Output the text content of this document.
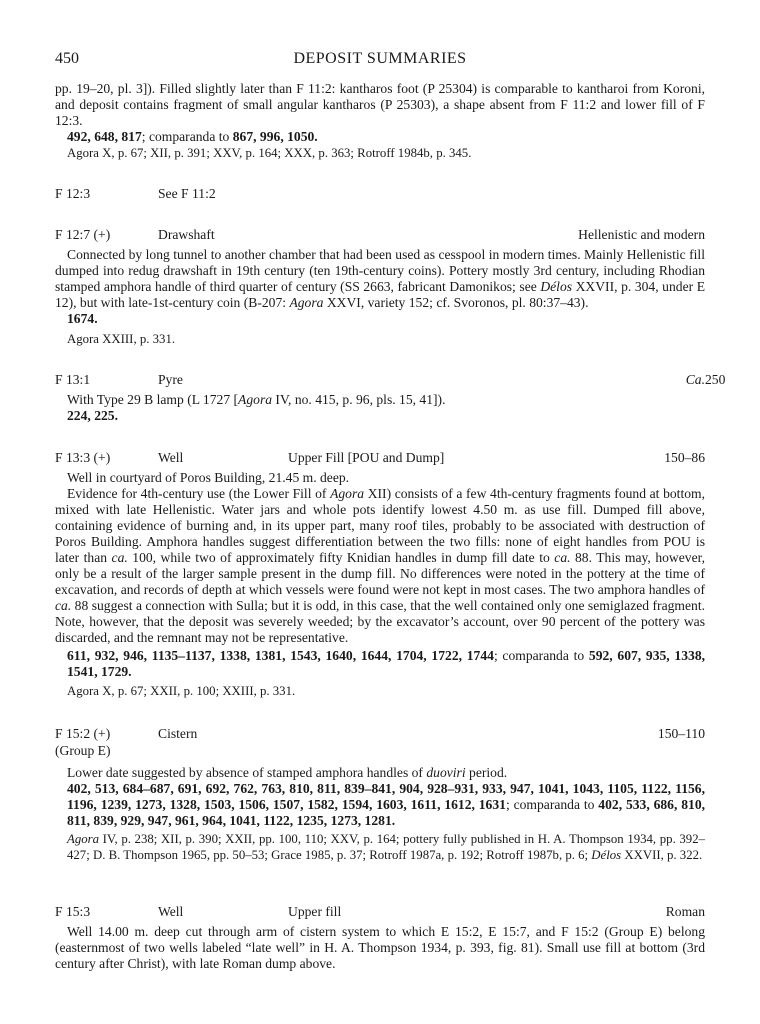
450	DEPOSIT SUMMARIES

pp. 19–20, pl. 3]). Filled slightly later than F 11:2: kantharos foot (P 25304) is comparable to kantharoi from Koroni, and deposit contains fragment of small angular kantharos (P 25303), a shape absent from F 11:2 and lower fill of F 12:3.

492, 648, 817; comparanda to 867, 996, 1050.

Agora X, p. 67; XII, p. 391; XXV, p. 164; XXX, p. 363; Rotroff 1984b, p. 345.

F 12:3	See F 11:2
F 12:7 (+)	Drawshaft	Hellenistic and modern

Connected by long tunnel to another chamber that had been used as cesspool in modern times. Mainly Hellenistic fill dumped into redug drawshaft in 19th century (ten 19th-century coins). Pottery mostly 3rd century, including Rhodian stamped amphora handle of third quarter of century (SS 2663, fabricant Damonikos; see Délos XXVII, p. 304, under E 12), but with late-1st-century coin (B-207: Agora XXVI, variety 152; cf. Svoronos, pl. 80:37–43).

1674.

Agora XXIII, p. 331.

F 13:1	Pyre	Ca. 250

With Type 29 B lamp (L 1727 [Agora IV, no. 415, p. 96, pls. 15, 41]).

224, 225.

F 13:3 (+)	Well	Upper Fill [POU and Dump]	150–86

Well in courtyard of Poros Building, 21.45 m. deep.

Evidence for 4th-century use (the Lower Fill of Agora XII) consists of a few 4th-century fragments found at bottom, mixed with late Hellenistic. Water jars and whole pots identify lowest 4.50 m. as use fill. Dumped fill above, containing evidence of burning and, in its upper part, many roof tiles, probably to be associated with destruction of Poros Building. Amphora handles suggest differentiation between the two fills: none of eight handles from POU is later than ca. 100, while two of approximately fifty Knidian handles in dump fill date to ca. 88. This may, however, only be a result of the larger sample present in the dump fill. No differences were noted in the pottery at the time of excavation, and records of depth at which vessels were found were not kept in most cases. The two amphora handles of ca. 88 suggest a connection with Sulla; but it is odd, in this case, that the well contained only one semiglazed fragment. Note, however, that the deposit was severely weeded; by the excavator’s account, over 90 percent of the pottery was discarded, and the remnant may not be representative.

611, 932, 946, 1135–1137, 1338, 1381, 1543, 1640, 1644, 1704, 1722, 1744; comparanda to 592, 607, 935, 1338, 1541, 1729.

Agora X, p. 67; XXII, p. 100; XXIII, p. 331.

F 15:2 (+)	Cistern	150–110
(Group E)

Lower date suggested by absence of stamped amphora handles of duoviri period.

402, 513, 684–687, 691, 692, 762, 763, 810, 811, 839–841, 904, 928–931, 933, 947, 1041, 1043, 1105, 1122, 1156, 1196, 1239, 1273, 1328, 1503, 1506, 1507, 1582, 1594, 1603, 1611, 1612, 1631; comparanda to 402, 533, 686, 810, 811, 839, 929, 947, 961, 964, 1041, 1122, 1235, 1273, 1281.

Agora IV, p. 238; XII, p. 390; XXII, pp. 100, 110; XXV, p. 164; pottery fully published in H. A. Thompson 1934, pp. 392–427; D. B. Thompson 1965, pp. 50–53; Grace 1985, p. 37; Rotroff 1987a, p. 192; Rotroff 1987b, p. 6; Délos XXVII, p. 322.

F 15:3	Well	Upper fill	Roman

Well 14.00 m. deep cut through arm of cistern system to which E 15:2, E 15:7, and F 15:2 (Group E) belong (easternmost of two wells labeled “late well” in H. A. Thompson 1934, p. 393, fig. 81). Small use fill at bottom (3rd century after Christ), with late Roman dump above.
